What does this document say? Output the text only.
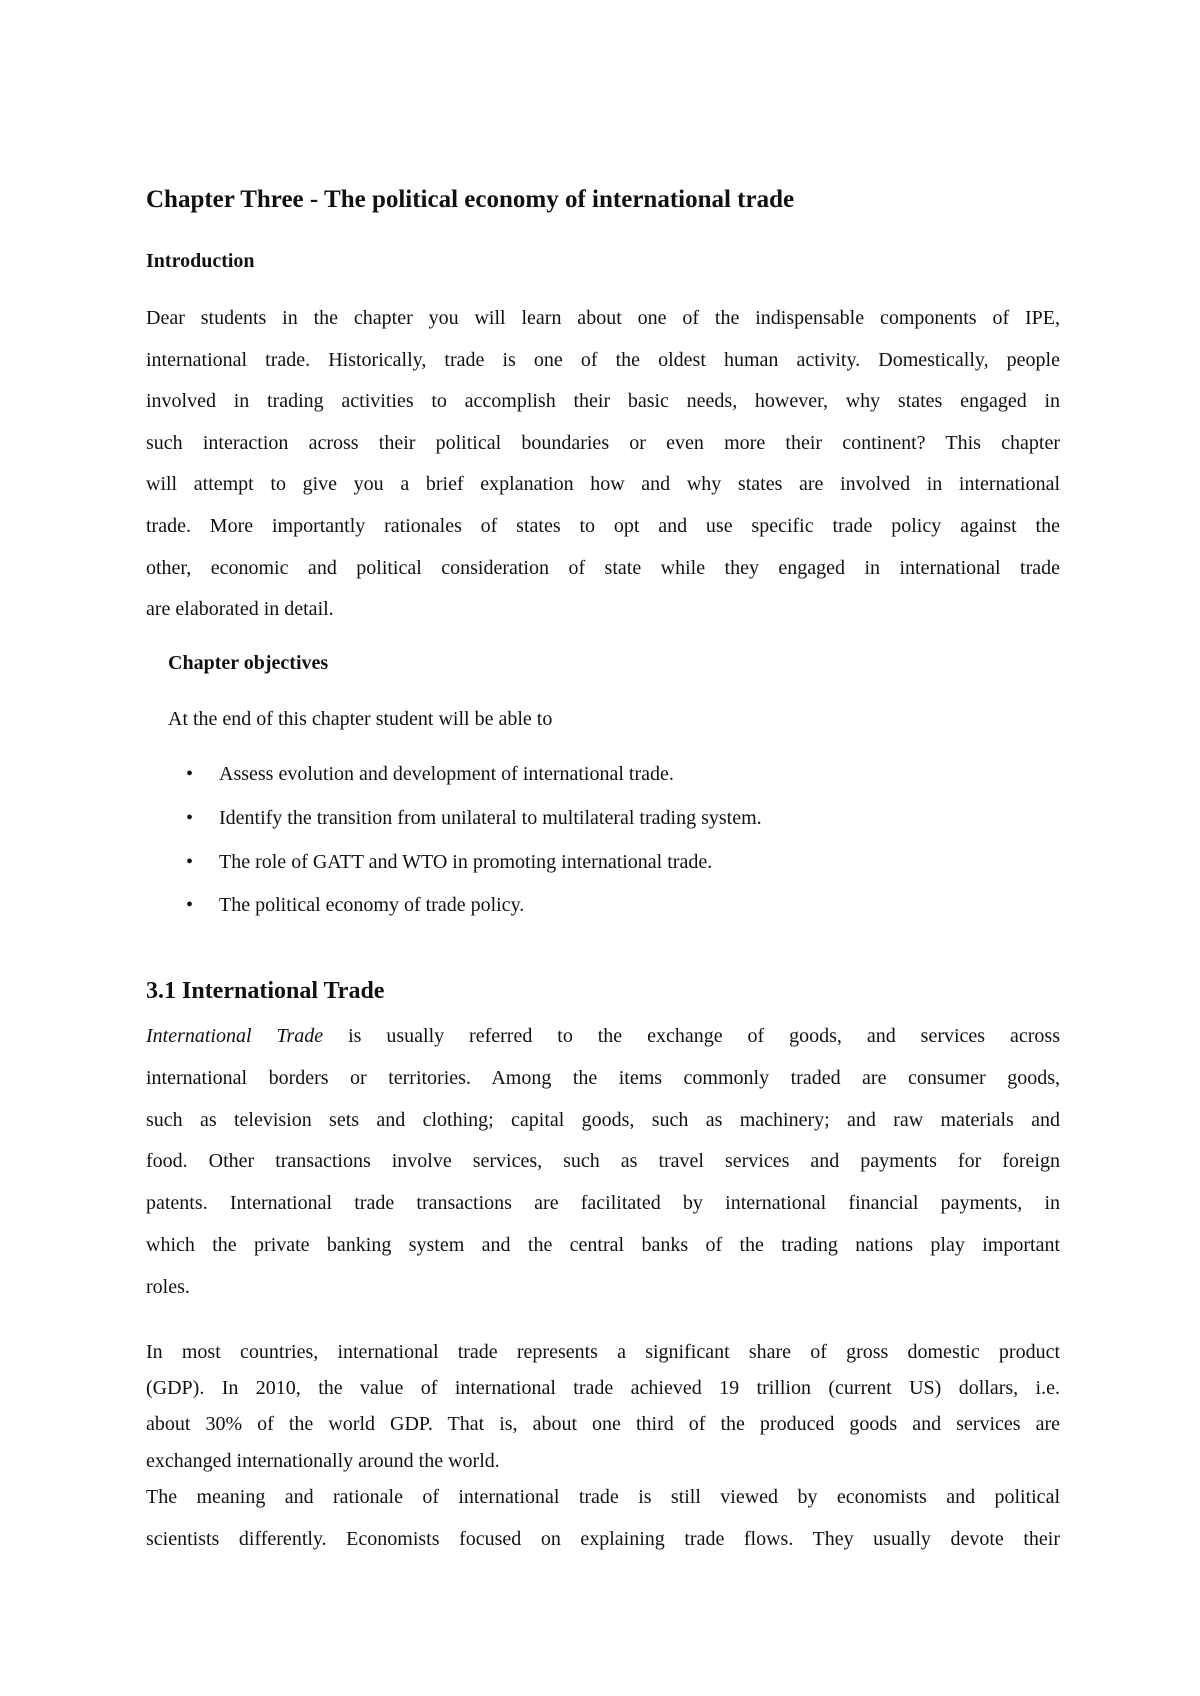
Chapter Three - The political economy of international trade
Introduction

Dear students in the chapter you will learn about one of the indispensable components of IPE,

international trade. Historically, trade is one of the oldest human activity. Domestically, people

involved in trading activities to accomplish their basic needs, however, why states engaged in

such interaction across their political boundaries or even more their continent? This chapter

will attempt to give you a brief explanation how and why states are involved in international

trade. More importantly rationales of states to opt and use specific trade policy against the

other, economic and political consideration of state while they engaged in international trade

are elaborated in detail.

Chapter objectives

At the end of this chapter student will be able to

• Assess evolution and development of international trade.
• Identify the transition from unilateral to multilateral trading system.
• The role of GATT and WTO in promoting international trade.
• The political economy of trade policy.
3.1 International Trade

International Trade is usually referred to the exchange of goods, and services across

international borders or territories. Among the items commonly traded are consumer goods,

such as television sets and clothing; capital goods, such as machinery; and raw materials and

food. Other transactions involve services, such as travel services and payments for foreign

patents. International trade transactions are facilitated by international financial payments, in

which the private banking system and the central banks of the trading nations play important

roles.

In most countries, international trade represents a significant share of gross domestic product

(GDP). In 2010, the value of international trade achieved 19 trillion (current US) dollars, i.e.

about 30% of the world GDP. That is, about one third of the produced goods and services are

exchanged internationally around the world.

The meaning and rationale of international trade is still viewed by economists and political

scientists differently. Economists focused on explaining trade flows. They usually devote their
